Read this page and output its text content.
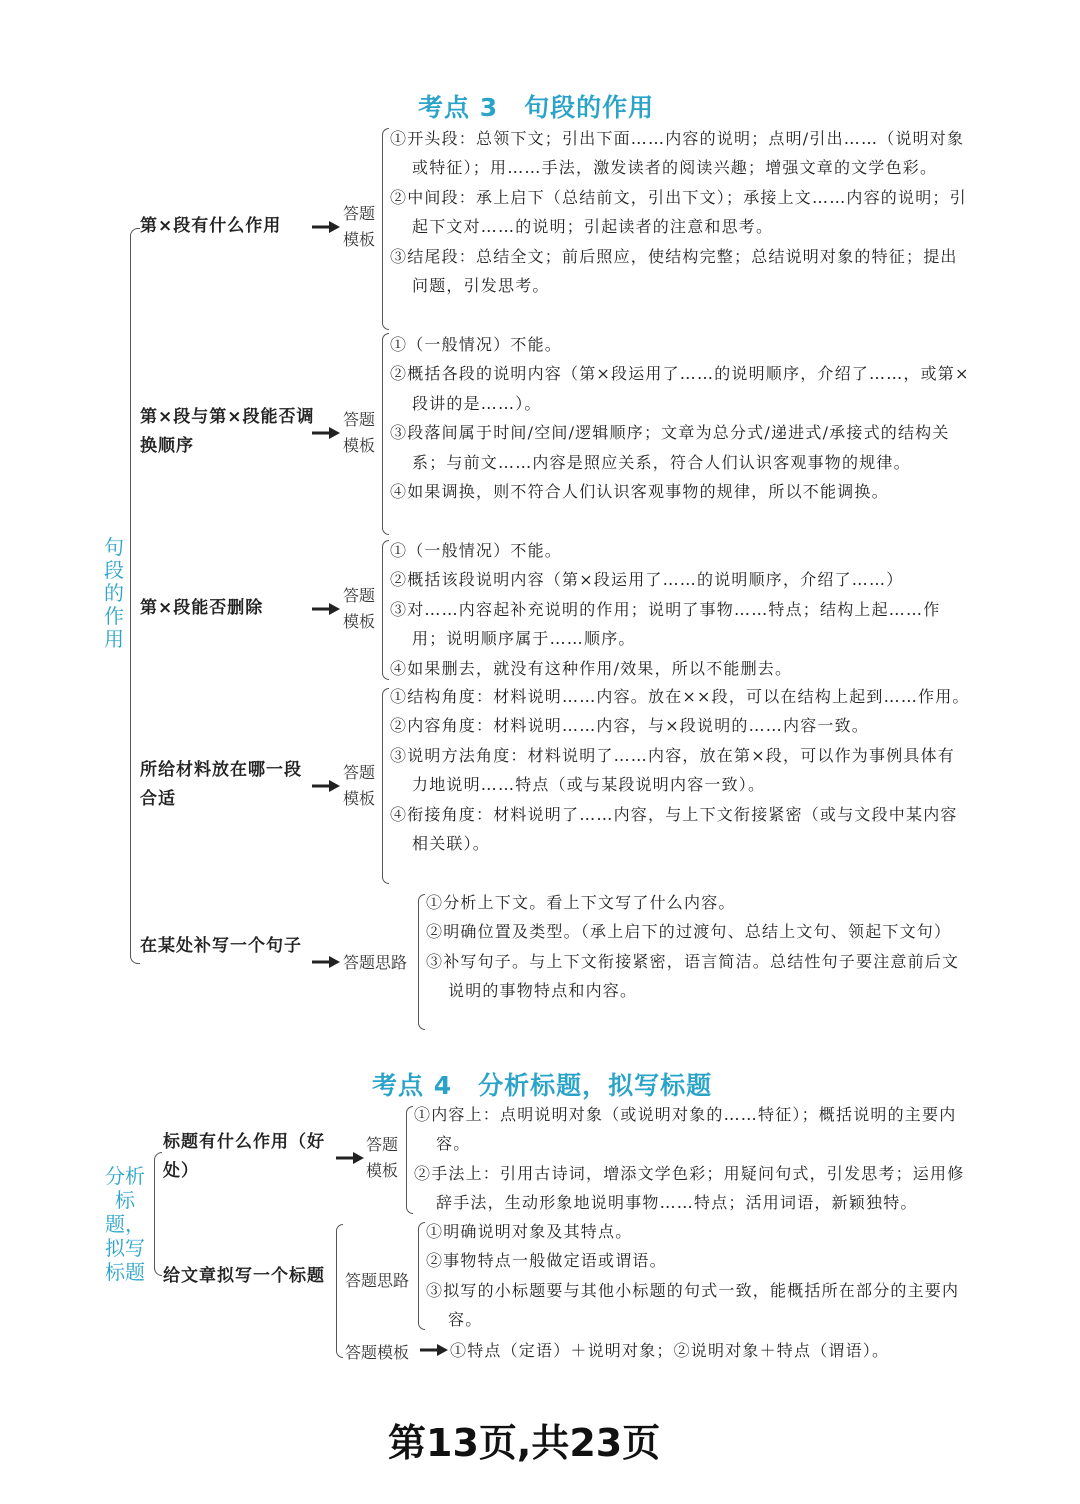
考点 3　句段的作用
句段的作用
第×段有什么作用
答题模板
①开头段：总领下文；引出下面……内容的说明；点明/引出……（说明对象或特征）；用……手法，激发读者的阅读兴趣；增强文章的文学色彩。
②中间段：承上启下（总结前文，引出下文）；承接上文……内容的说明；引起下文对……的说明；引起读者的注意和思考。
③结尾段：总结全文；前后照应，使结构完整；总结说明对象的特征；提出问题，引发思考。
第×段与第×段能否调换顺序
答题模板
①（一般情况）不能。
②概括各段的说明内容（第×段运用了……的说明顺序，介绍了……，或第×段讲的是……）。
③段落间属于时间/空间/逻辑顺序；文章为总分式/递进式/承接式的结构关系；与前文……内容是照应关系，符合人们认识客观事物的规律。
④如果调换，则不符合人们认识客观事物的规律，所以不能调换。
第×段能否删除
答题模板
①（一般情况）不能。
②概括该段说明内容（第×段运用了……的说明顺序，介绍了……）
③对……内容起补充说明的作用；说明了事物……特点；结构上起……作用；说明顺序属于……顺序。
④如果删去，就没有这种作用/效果，所以不能删去。
所给材料放在哪一段合适
答题模板
①结构角度：材料说明……内容。放在××段，可以在结构上起到……作用。
②内容角度：材料说明……内容，与×段说明的……内容一致。
③说明方法角度：材料说明了……内容，放在第×段，可以作为事例具体有力地说明……特点（或与某段说明内容一致）。
④衔接角度：材料说明了……内容，与上下文衔接紧密（或与文段中某内容相关联）。
在某处补写一个句子
答题思路
①分析上下文。看上下文写了什么内容。
②明确位置及类型。（承上启下的过渡句、总结上文句、领起下文句）
③补写句子。与上下文衔接紧密，语言简洁。总结性句子要注意前后文说明的事物特点和内容。
考点 4　分析标题，拟写标题
分析标题，拟写标题
标题有什么作用（好处）
答题模板
①内容上：点明说明对象（或说明对象的……特征）；概括说明的主要内容。
②手法上：引用古诗词，增添文学色彩；用疑问句式，引发思考；运用修辞手法，生动形象地说明事物……特点；活用词语，新颖独特。
给文章拟写一个标题	答题思路
①明确说明对象及其特点。
②事物特点一般做定语或谓语。
③拟写的小标题要与其他小标题的句式一致，能概括所在部分的主要内容。
答题模板	①特点（定语）＋说明对象；②说明对象＋特点（谓语）。
第13页,共23页
